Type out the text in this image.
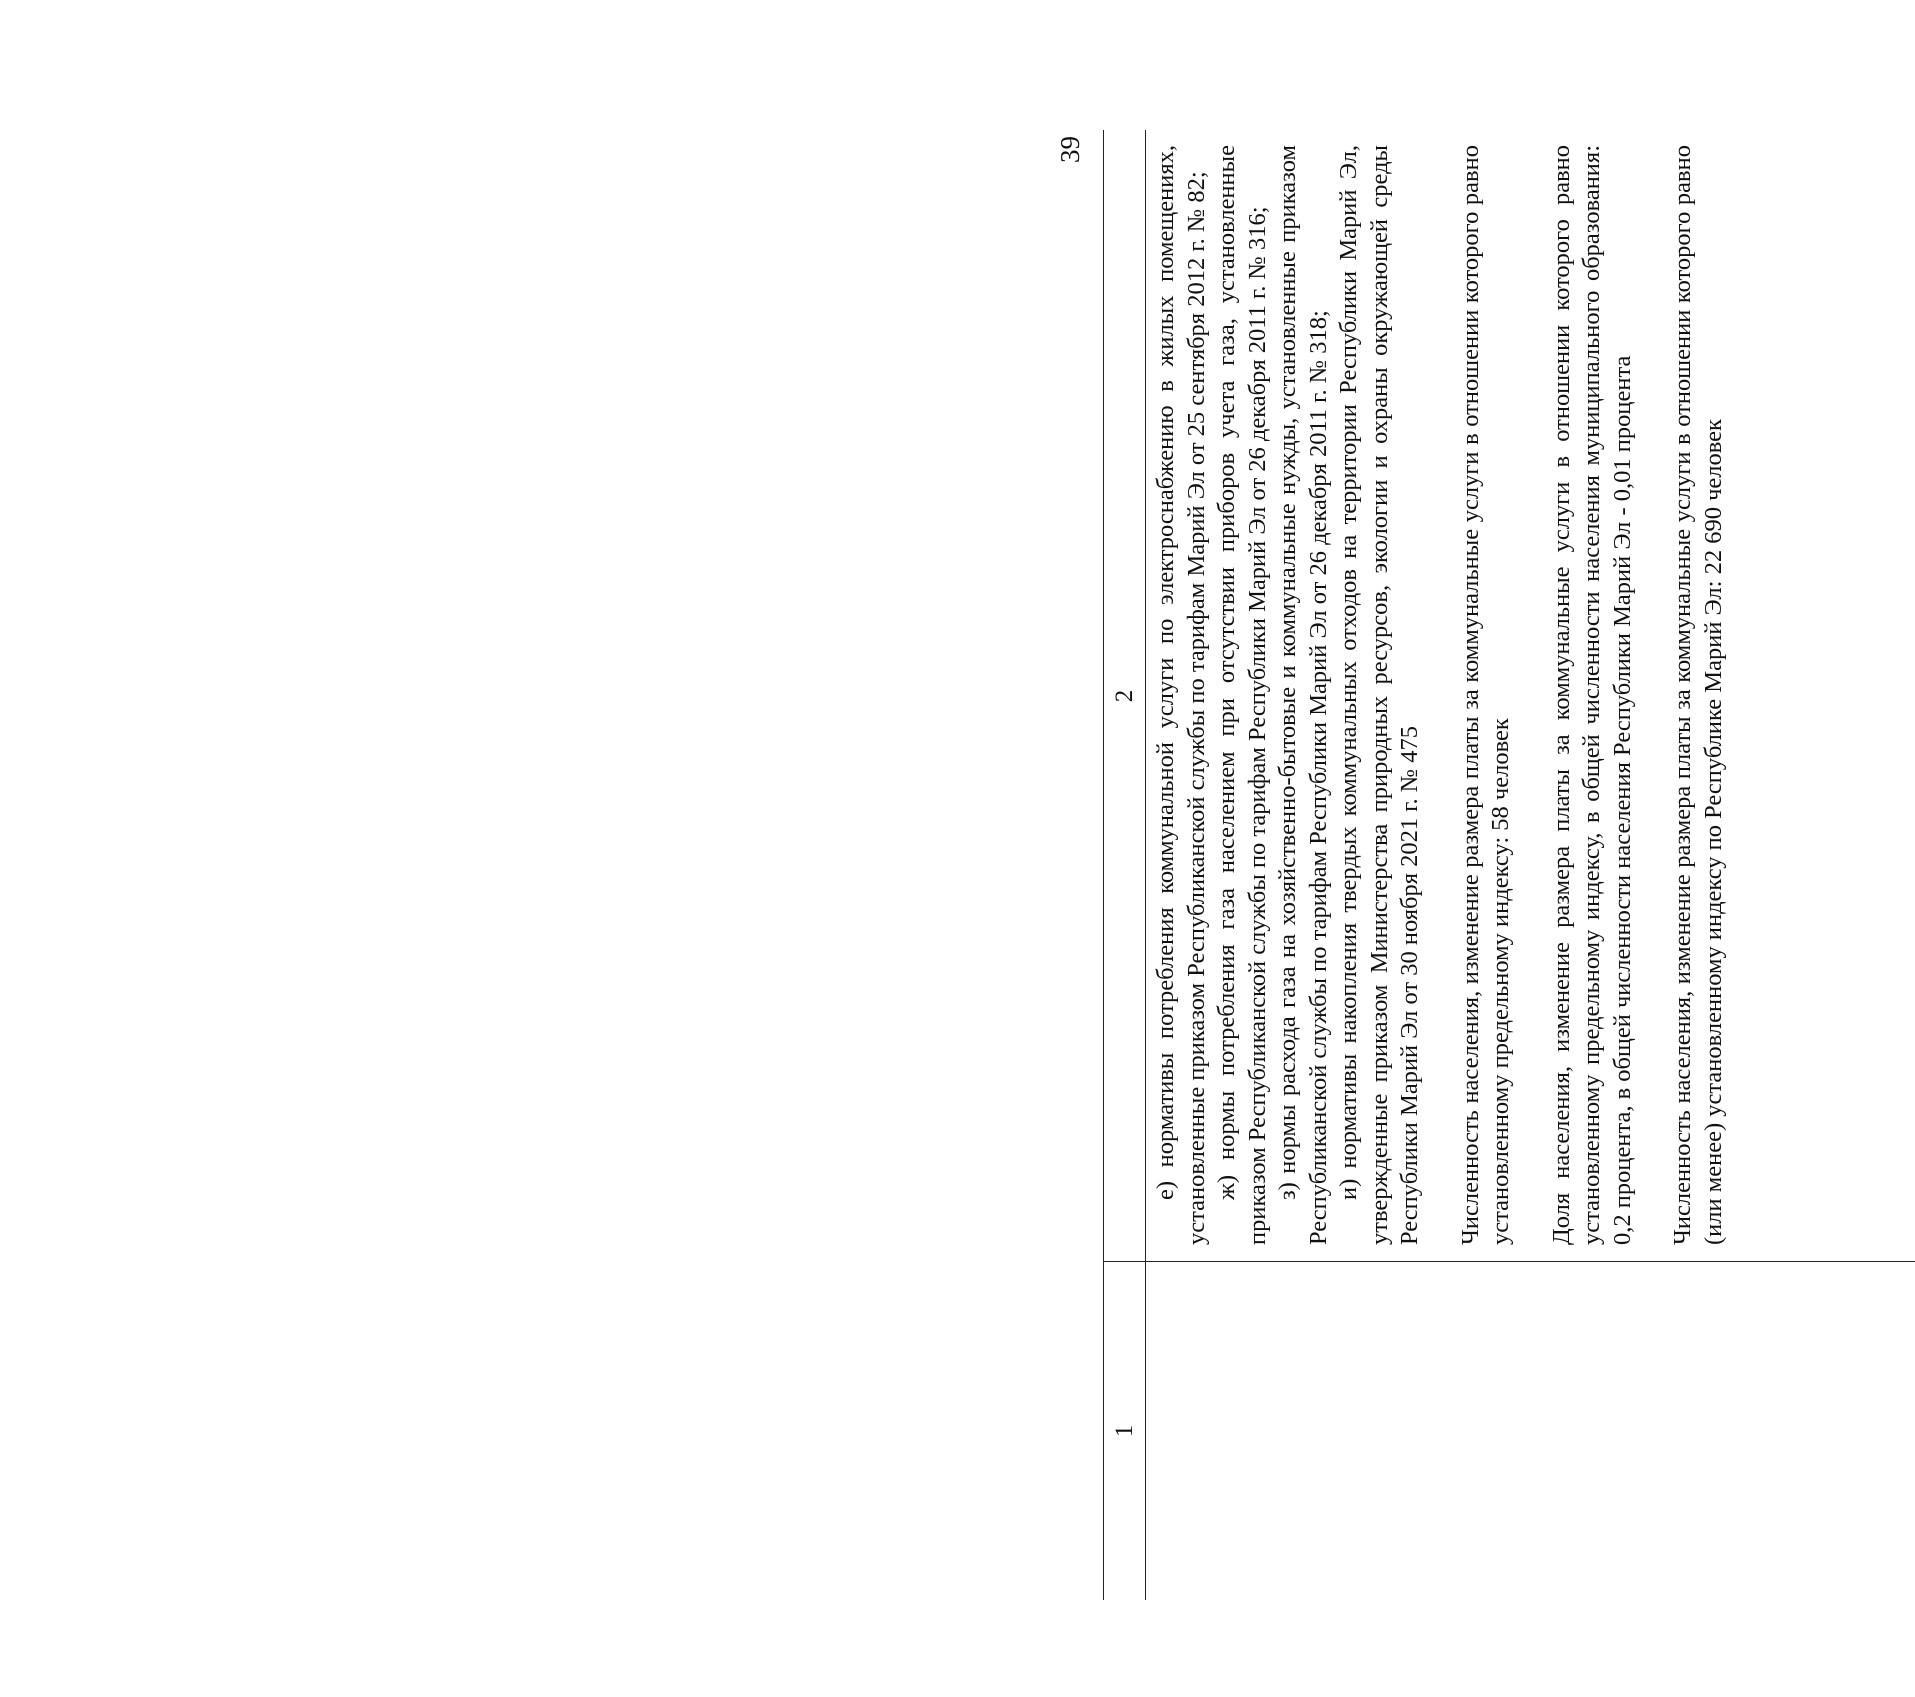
39
1
2 е) нормативы потребления коммунальной услуги по электроснабжению в жилых помещениях, установленные приказом Республиканской службы по тарифам Марий Эл от 25 сентября 2012 г. № 82; ж) нормы потребления газа населением при отсутствии приборов учета газа, установленные приказом Республиканской службы по тарифам Республики Марий Эл от 26 декабря 2011 г. № 316; з) нормы расхода газа на хозяйственно-бытовые и коммунальные нужды, установленные приказом Республиканской службы по тарифам Республики Марий Эл от 26 декабря 2011 г. № 318; и) нормативы накопления твердых коммунальных отходов на территории Республики Марий Эл, утвержденные приказом Министерства природных ресурсов, экологии и охраны окружающей среды Республики Марий Эл от 30 ноября 2021 г. № 475 Численность населения, изменение размера платы за коммунальные услуги в отношении которого равно установленному предельному индексу: 58 человек Доля населения, изменение размера платы за коммунальные услуги в отношении которого равно установленному предельному индексу, в общей численности населения муниципального образования: 0,2 процента, в общей численности населения Республики Марий Эл - 0,01 процента Численность населения, изменение размера платы за коммунальные услуги в отношении которого равно (или менее) установленному индексу по Республике Марий Эл: 22 690 человек
